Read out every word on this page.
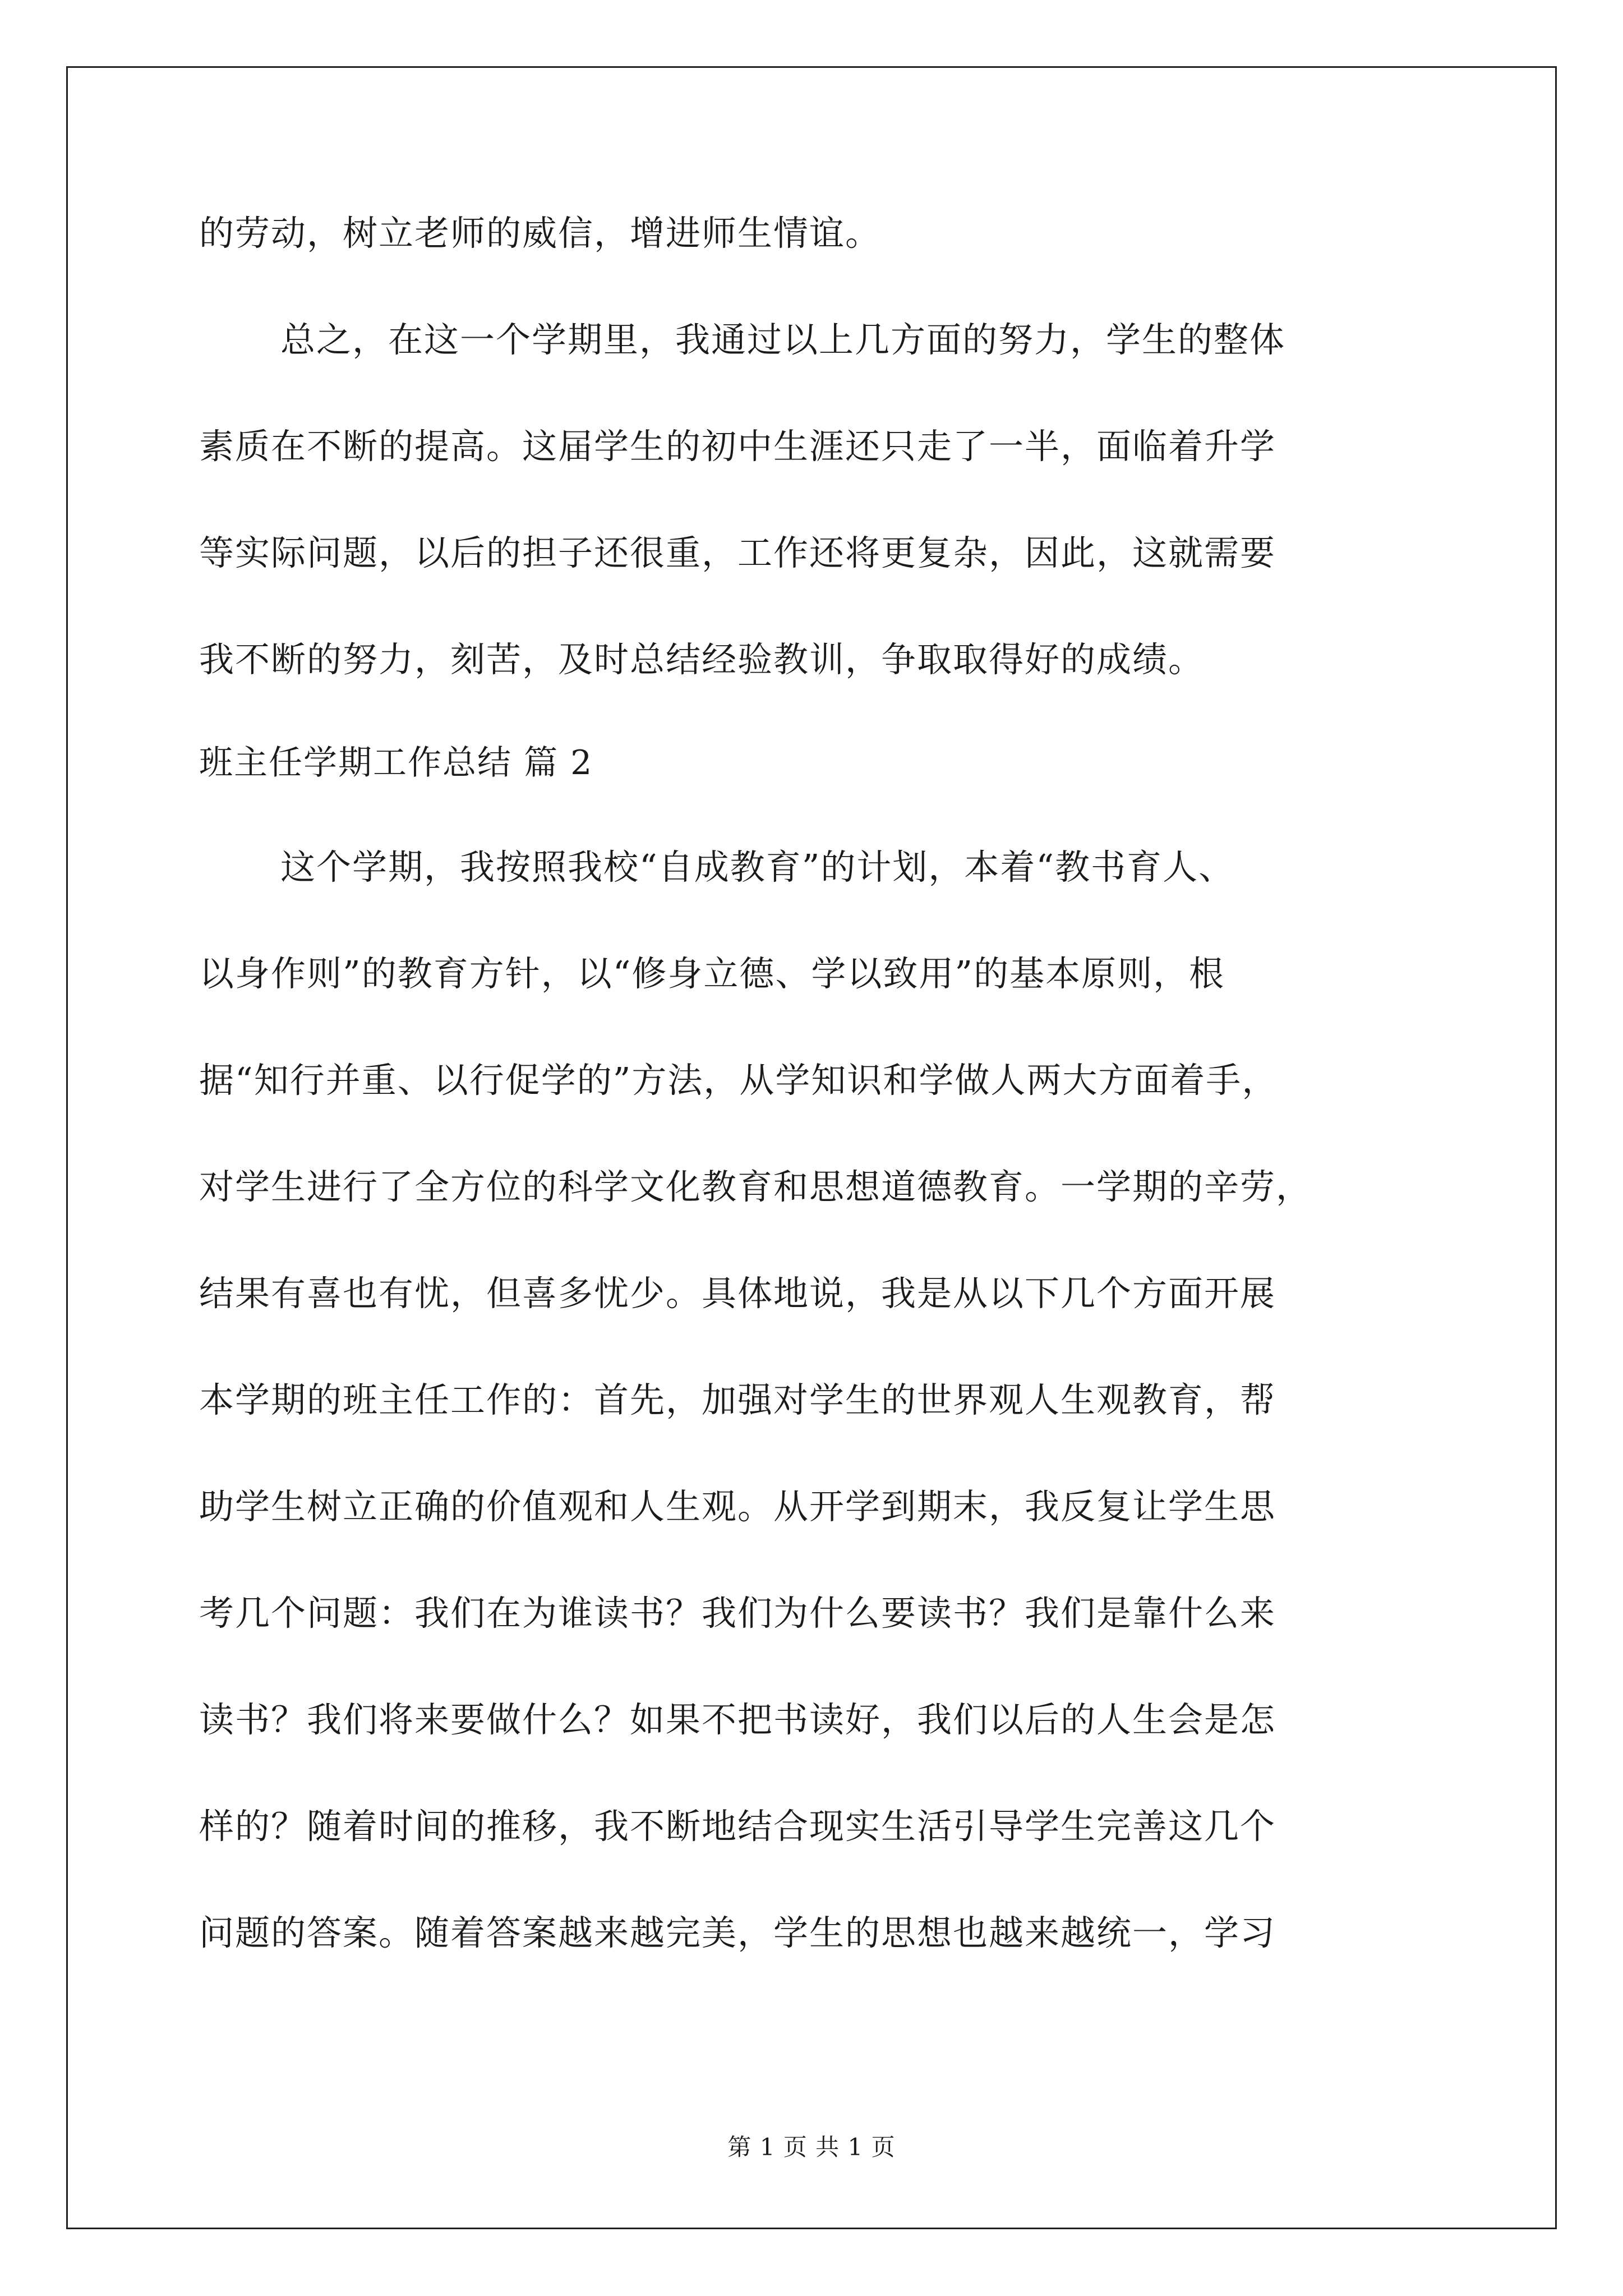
的劳动，树立老师的威信，增进师生情谊。
总之，在这一个学期里，我通过以上几方面的努力，学生的整体
素质在不断的提高。这届学生的初中生涯还只走了一半，面临着升学
等实际问题，以后的担子还很重，工作还将更复杂，因此，这就需要
我不断的努力，刻苦，及时总结经验教训，争取取得好的成绩。
班主任学期工作总结 篇 2
这个学期，我按照我校“自成教育”的计划，本着“教书育人、
以身作则”的教育方针，以“修身立德、学以致用”的基本原则，根
据“知行并重、以行促学的”方法，从学知识和学做人两大方面着手，
对学生进行了全方位的科学文化教育和思想道德教育。一学期的辛劳，
结果有喜也有忧，但喜多忧少。具体地说，我是从以下几个方面开展
本学期的班主任工作的：首先，加强对学生的世界观人生观教育，帮
助学生树立正确的价值观和人生观。从开学到期末，我反复让学生思
考几个问题：我们在为谁读书？我们为什么要读书？我们是靠什么来
读书？我们将来要做什么？如果不把书读好，我们以后的人生会是怎
样的？随着时间的推移，我不断地结合现实生活引导学生完善这几个
问题的答案。随着答案越来越完美，学生的思想也越来越统一，学习
第 1 页 共 1 页
